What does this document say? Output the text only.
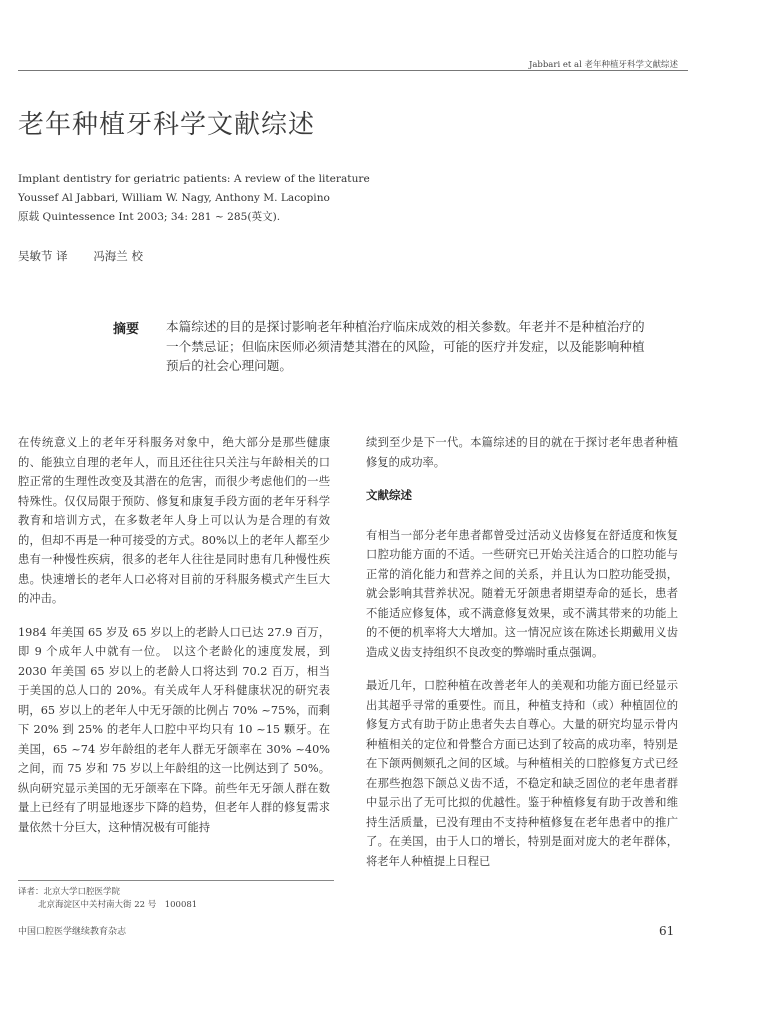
Jabbari et al 老年种植牙科学文献综述
老年种植牙科学文献综述
Implant dentistry for geriatric patients: A review of the literature
Youssef Al Jabbari, William W. Nagy, Anthony M. Lacopino
原载 Quintessence Int 2003; 34: 281 ~ 285(英文).
吴敏节 译 冯海兰 校
摘要 本篇综述的目的是探讨影响老年种植治疗临床成效的相关参数。年老并不是种植治疗的一个禁忌证；但临床医师必须清楚其潜在的风险，可能的医疗并发症，以及能影响种植预后的社会心理问题。

在传统意义上的老年牙科服务对象中，绝大部分是那些健康的、能独立自理的老年人，而且还往往只关注与年龄相关的口腔正常的生理性改变及其潜在的危害，而很少考虑他们的一些特殊性。仅仅局限于预防、修复和康复手段方面的老年牙科学教育和培训方式，在多数老年人身上可以认为是合理的有效的，但却不再是一种可接受的方式。80%以上的老年人都至少患有一种慢性疾病，很多的老年人往往是同时患有几种慢性疾患。快速增长的老年人口必将对目前的牙科服务模式产生巨大的冲击。

1984 年美国 65 岁及 65 岁以上的老龄人口已达 27.9 百万，即 9 个成年人中就有一位。 以这个老龄化的速度发展，到 2030 年美国 65 岁以上的老龄人口将达到 70.2 百万，相当于美国的总人口的 20%。有关成年人牙科健康状况的研究表明，65 岁以上的老年人中无牙颌的比例占 70% ~75%，而剩下 20% 到 25% 的老年人口腔中平均只有 10 ~15 颗牙。在美国，65 ~74 岁年龄组的老年人群无牙颌率在 30% ~40%之间，而 75 岁和 75 岁以上年龄组的这一比例达到了 50%。纵向研究显示美国的无牙颌率在下降。前些年无牙颌人群在数量上已经有了明显地逐步下降的趋势，但老年人群的修复需求量依然十分巨大，这种情况极有可能持

续到至少是下一代。本篇综述的目的就在于探讨老年患者种植修复的成功率。

文献综述

有相当一部分老年患者都曾受过活动义齿修复在舒适度和恢复口腔功能方面的不适。一些研究已开始关注适合的口腔功能与正常的消化能力和营养之间的关系，并且认为口腔功能受损，就会影响其营养状况。随着无牙颌患者期望寿命的延长，患者不能适应修复体，或不满意修复效果，或不满其带来的功能上的不便的机率将大大增加。这一情况应该在陈述长期戴用义齿造成义齿支持组织不良改变的弊端时重点强调。

最近几年，口腔种植在改善老年人的美观和功能方面已经显示出其超乎寻常的重要性。而且，种植支持和（或）种植固位的修复方式有助于防止患者失去自尊心。大量的研究均显示骨内种植相关的定位和骨整合方面已达到了较高的成功率，特别是在下颌两侧颏孔之间的区域。与种植相关的口腔修复方式已经在那些抱怨下颌总义齿不适，不稳定和缺乏固位的老年患者群中显示出了无可比拟的优越性。鉴于种植修复有助于改善和维持生活质量，已没有理由不支持种植修复在老年患者中的推广了。在美国，由于人口的增长，特别是面对庞大的老年群体，将老年人种植提上日程已

译者：北京大学口腔医学院
北京海淀区中关村南大街 22 号　100081
中国口腔医学继续教育杂志	61
